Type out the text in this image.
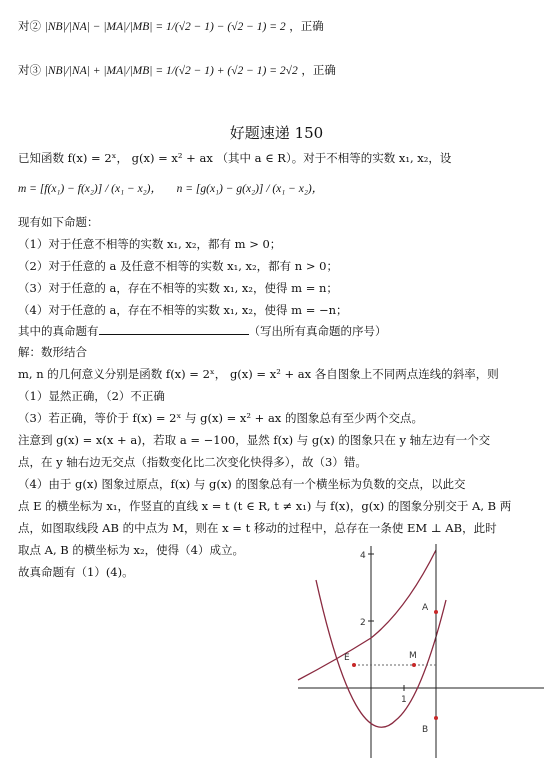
对② |NB|/|NA| − |MA|/|MB| = 1/(√2 − 1) − (√2 − 1) = 2 ，正确
对③ |NB|/|NA| + |MA|/|MB| = 1/(√2 − 1) + (√2 − 1) = 2√2 ，正确
好题速递 150
已知函数 f(x) = 2ˣ， g(x) = x² + ax （其中 a ∈ R）。对于不相等的实数 x₁, x₂，设
m = [f(x₁) − f(x₂)] / (x₁ − x₂)， n = [g(x₁) − g(x₂)] / (x₁ − x₂)，
现有如下命题：
（1）对于任意不相等的实数 x₁, x₂，都有 m > 0；
（2）对于任意的 a 及任意不相等的实数 x₁, x₂，都有 n > 0；
（3）对于任意的 a，存在不相等的实数 x₁, x₂，使得 m = n；
（4）对于任意的 a，存在不相等的实数 x₁, x₂，使得 m = −n；
其中的真命题有	（写出所有真命题的序号）
解：数形结合
m, n 的几何意义分别是函数 f(x) = 2ˣ， g(x) = x² + ax 各自图象上不同两点连线的斜率，则
（1）显然正确，（2）不正确
（3）若正确，等价于 f(x) = 2ˣ 与 g(x) = x² + ax 的图象总有至少两个交点。
注意到 g(x) = x(x + a)，若取 a = −100，显然 f(x) 与 g(x) 的图象只在 y 轴左边有一个交
点，在 y 轴右边无交点（指数变化比二次变化快得多），故（3）错。
（4）由于 g(x) 图象过原点，f(x) 与 g(x) 的图象总有一个横坐标为负数的交点，以此交
点 E 的横坐标为 x₁，作竖直的直线 x = t (t ∈ R, t ≠ x₁) 与 f(x)，g(x) 的图象分别交于 A, B 两
点，如图取线段 AB 的中点为 M，则在 x = t 移动的过程中，总存在一条使 EM ⊥ AB，此时
取点 A, B 的横坐标为 x₂，使得（4）成立。
故真命题有（1）(4)。
4
2
1
A
E	M
B
